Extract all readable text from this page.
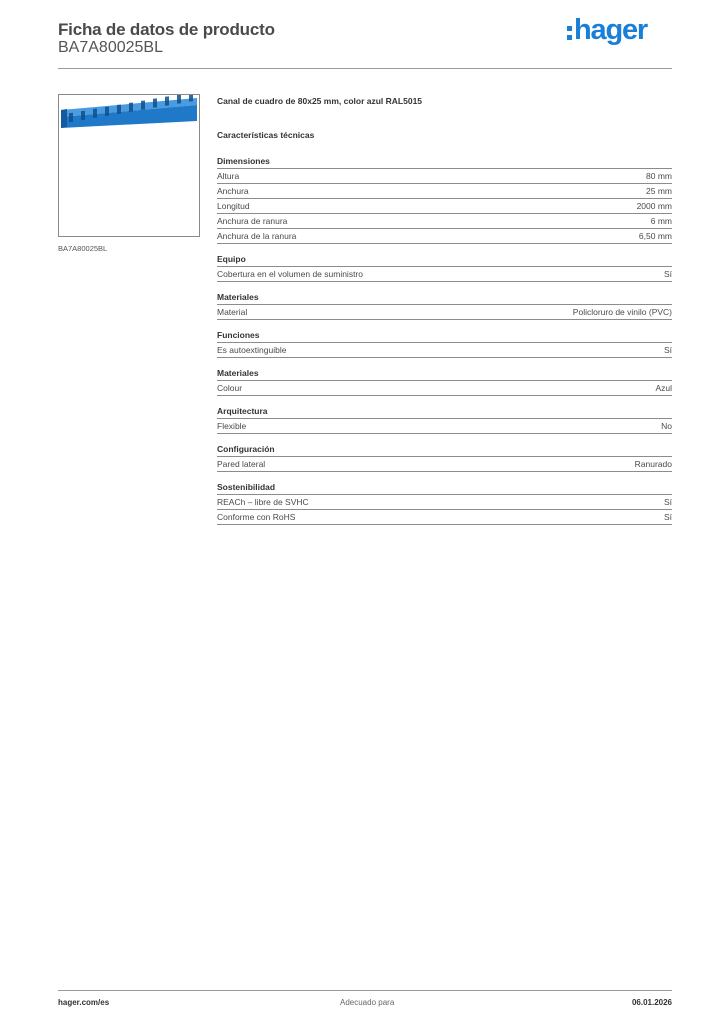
Ficha de datos de producto
BA7A80025BL
hager
BA7A80025BL
Canal de cuadro de 80x25 mm, color azul RAL5015
Características técnicas
Dimensiones
Altura	80 mm
Anchura	25 mm
Longitud	2000 mm
Anchura de ranura	6 mm
Anchura de la ranura	6,50 mm
Equipo
Cobertura en el volumen de suministro	Sí
Materiales
Material	Policloruro de vinilo (PVC)
Funciones
Es autoextinguible	Sí
Materiales
Colour	Azul
Arquitectura
Flexible	No
Configuración
Pared lateral	Ranurado
Sostenibilidad
REACh – libre de SVHC	Sí
Conforme con RoHS	Sí
hager.com/es	Adecuado para	06.01.2026
